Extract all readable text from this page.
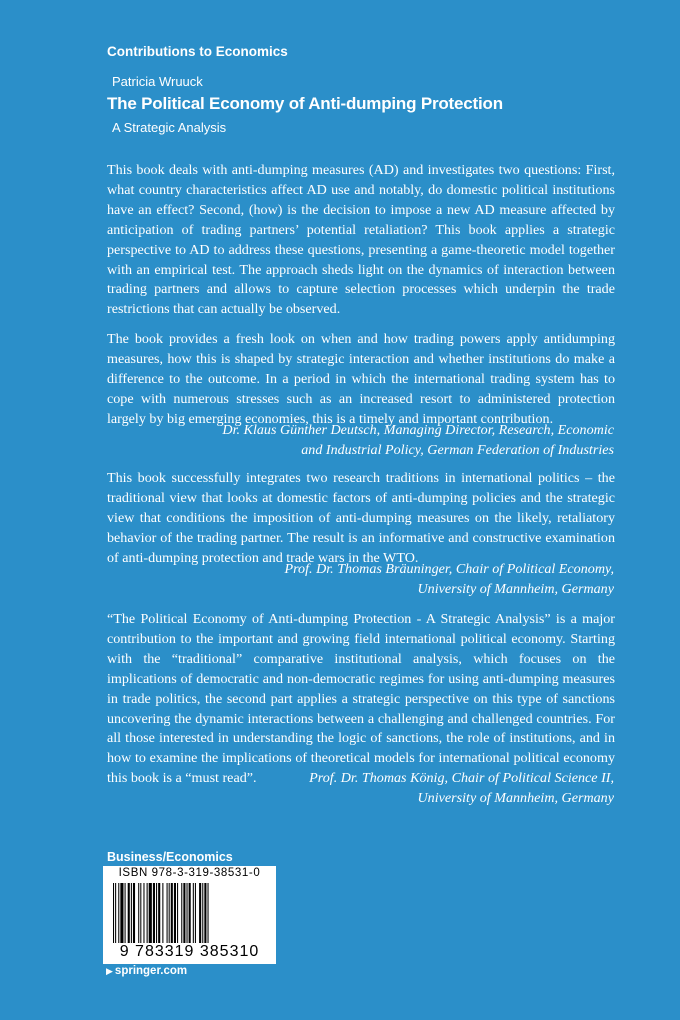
Contributions to Economics
Patricia Wruuck
The Political Economy of Anti-dumping Protection
A Strategic Analysis

This book deals with anti-dumping measures (AD) and investigates two questions: First, what country characteristics affect AD use and notably, do domestic political institutions have an effect? Second, (how) is the decision to impose a new AD measure affected by anticipation of trading partners’ potential retaliation? This book applies a strategic perspective to AD to address these questions, presenting a game-theoretic model together with an empirical test. The approach sheds light on the dynamics of interaction between trading partners and allows to capture selection processes which underpin the trade restrictions that can actually be observed.

The book provides a fresh look on when and how trading powers apply antidumping measures, how this is shaped by strategic interaction and whether institutions do make a difference to the outcome. In a period in which the international trading system has to cope with numerous stresses such as an increased resort to administered protection largely by big emerging economies, this is a timely and important contribution.

Dr. Klaus Günther Deutsch, Managing Director, Research, Economic
and Industrial Policy, German Federation of Industries

This book successfully integrates two research traditions in international politics – the traditional view that looks at domestic factors of anti-dumping policies and the strategic view that conditions the imposition of anti-dumping measures on the likely, retaliatory behavior of the trading partner. The result is an informative and constructive examination of anti-dumping protection and trade wars in the WTO.

Prof. Dr. Thomas Bräuninger, Chair of Political Economy,
University of Mannheim, Germany

“The Political Economy of Anti-dumping Protection - A Strategic Analysis” is a major contribution to the important and growing field international political economy. Starting with the “traditional” comparative institutional analysis, which focuses on the implications of democratic and non-democratic regimes for using anti-dumping measures in trade politics, the second part applies a strategic perspective on this type of sanctions uncovering the dynamic interactions between a challenging and challenged countries. For all those interested in understanding the logic of sanctions, the role of institutions, and in how to examine the implications of theoretical models for international political economy this book is a “must read”.	Prof. Dr. Thomas König, Chair of Political Science II,
University of Mannheim, Germany
Business/Economics
ISBN 978-3-319-38531-0
9 783319 385310
▶ springer.com
